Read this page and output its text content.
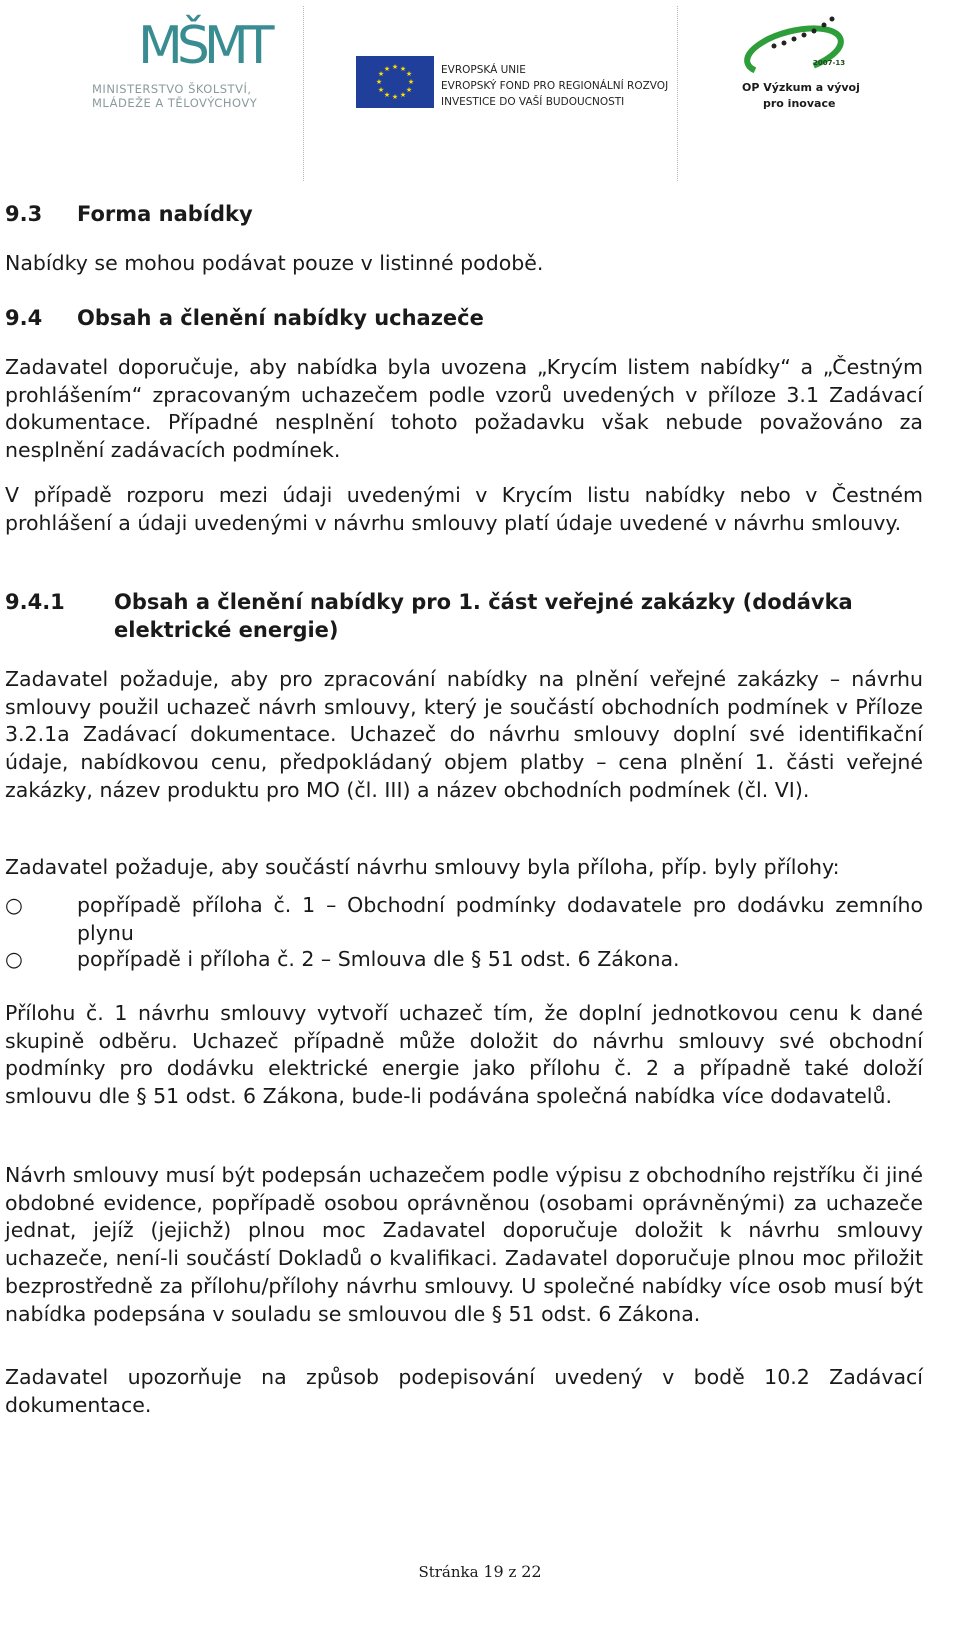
MŠMT
MINISTERSTVO ŠKOLSTVÍ,
MLÁDEŽE A TĚLOVÝCHOVY
★ ★
★
★
★
★
★
★
★
★
★
★	EVROPSKÁ UNIE
EVROPSKÝ FOND PRO REGIONÁLNÍ ROZVOJ
INVESTICE DO VAŠÍ BUDOUCNOSTI
2007-13
OP Výzkum a vývoj
pro inovace
9.3 Forma nabídky

Nabídky se mohou podávat pouze v listinné podobě.

9.4 Obsah a členění nabídky uchazeče

Zadavatel doporučuje, aby nabídka byla uvozena „Krycím listem nabídky“ a „Čestným prohlášením“ zpracovaným uchazečem podle vzorů uvedených v příloze 3.1 Zadávací dokumentace. Případné nesplnění tohoto požadavku však nebude považováno za nesplnění zadávacích podmínek.

V případě rozporu mezi údaji uvedenými v Krycím listu nabídky nebo v Čestném prohlášení a údaji uvedenými v návrhu smlouvy platí údaje uvedené v návrhu smlouvy.

9.4.1 Obsah a členění nabídky pro 1. část veřejné zakázky (dodávka
elektrické energie)

Zadavatel požaduje, aby pro zpracování nabídky na plnění veřejné zakázky – návrhu smlouvy použil uchazeč návrh smlouvy, který je součástí obchodních podmínek v Příloze 3.2.1a Zadávací dokumentace. Uchazeč do návrhu smlouvy doplní své identifikační údaje, nabídkovou cenu, předpokládaný objem platby – cena plnění 1. části veřejné zakázky, název produktu pro MO (čl. III) a název obchodních podmínek (čl. VI).

Zadavatel požaduje, aby součástí návrhu smlouvy byla příloha, příp. byly přílohy:

○	popřípadě příloha č. 1 – Obchodní podmínky dodavatele pro dodávku zemního plynu
○	popřípadě i příloha č. 2 – Smlouva dle § 51 odst. 6 Zákona.

Přílohu č. 1 návrhu smlouvy vytvoří uchazeč tím, že doplní jednotkovou cenu k dané skupině odběru. Uchazeč případně může doložit do návrhu smlouvy své obchodní podmínky pro dodávku elektrické energie jako přílohu č. 2 a případně také doloží smlouvu dle § 51 odst. 6 Zákona, bude-li podávána společná nabídka více dodavatelů.

Návrh smlouvy musí být podepsán uchazečem podle výpisu z obchodního rejstříku či jiné obdobné evidence, popřípadě osobou oprávněnou (osobami oprávněnými) za uchazeče jednat, jejíž (jejichž) plnou moc Zadavatel doporučuje doložit k návrhu smlouvy uchazeče, není-li součástí Dokladů o kvalifikaci. Zadavatel doporučuje plnou moc přiložit bezprostředně za přílohu/přílohy návrhu smlouvy. U společné nabídky více osob musí být nabídka podepsána v souladu se smlouvou dle § 51 odst. 6 Zákona.

Zadavatel upozorňuje na způsob podepisování uvedený v bodě 10.2 Zadávací dokumentace.

Stránka 19 z 22
